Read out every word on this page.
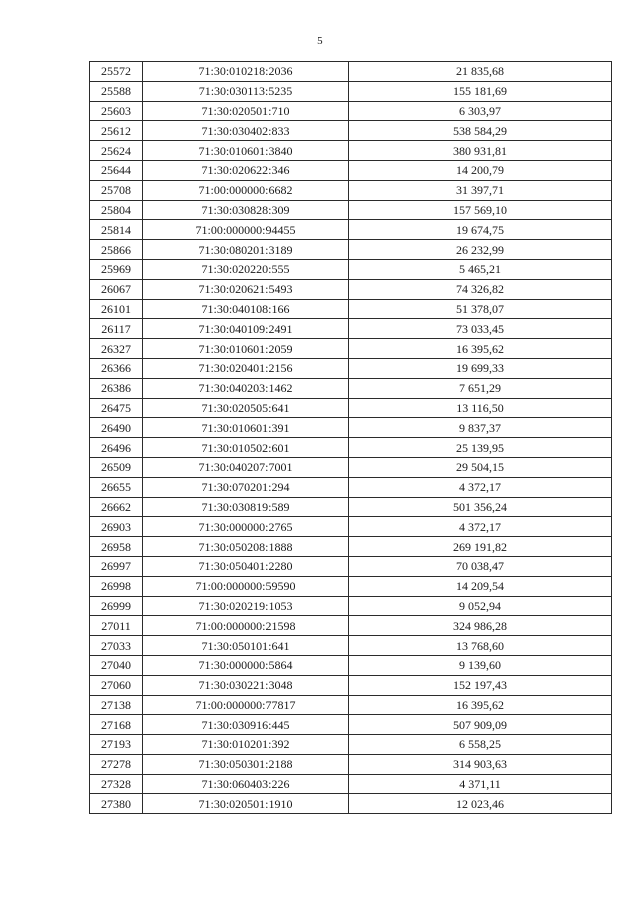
5
25572	71:30:010218:2036	21 835,68
25588	71:30:030113:5235	155 181,69
25603	71:30:020501:710	6 303,97
25612	71:30:030402:833	538 584,29
25624	71:30:010601:3840	380 931,81
25644	71:30:020622:346	14 200,79
25708	71:00:000000:6682	31 397,71
25804	71:30:030828:309	157 569,10
25814	71:00:000000:94455	19 674,75
25866	71:30:080201:3189	26 232,99
25969	71:30:020220:555	5 465,21
26067	71:30:020621:5493	74 326,82
26101	71:30:040108:166	51 378,07
26117	71:30:040109:2491	73 033,45
26327	71:30:010601:2059	16 395,62
26366	71:30:020401:2156	19 699,33
26386	71:30:040203:1462	7 651,29
26475	71:30:020505:641	13 116,50
26490	71:30:010601:391	9 837,37
26496	71:30:010502:601	25 139,95
26509	71:30:040207:7001	29 504,15
26655	71:30:070201:294	4 372,17
26662	71:30:030819:589	501 356,24
26903	71:30:000000:2765	4 372,17
26958	71:30:050208:1888	269 191,82
26997	71:30:050401:2280	70 038,47
26998	71:00:000000:59590	14 209,54
26999	71:30:020219:1053	9 052,94
27011	71:00:000000:21598	324 986,28
27033	71:30:050101:641	13 768,60
27040	71:30:000000:5864	9 139,60
27060	71:30:030221:3048	152 197,43
27138	71:00:000000:77817	16 395,62
27168	71:30:030916:445	507 909,09
27193	71:30:010201:392	6 558,25
27278	71:30:050301:2188	314 903,63
27328	71:30:060403:226	4 371,11
27380	71:30:020501:1910	12 023,46
